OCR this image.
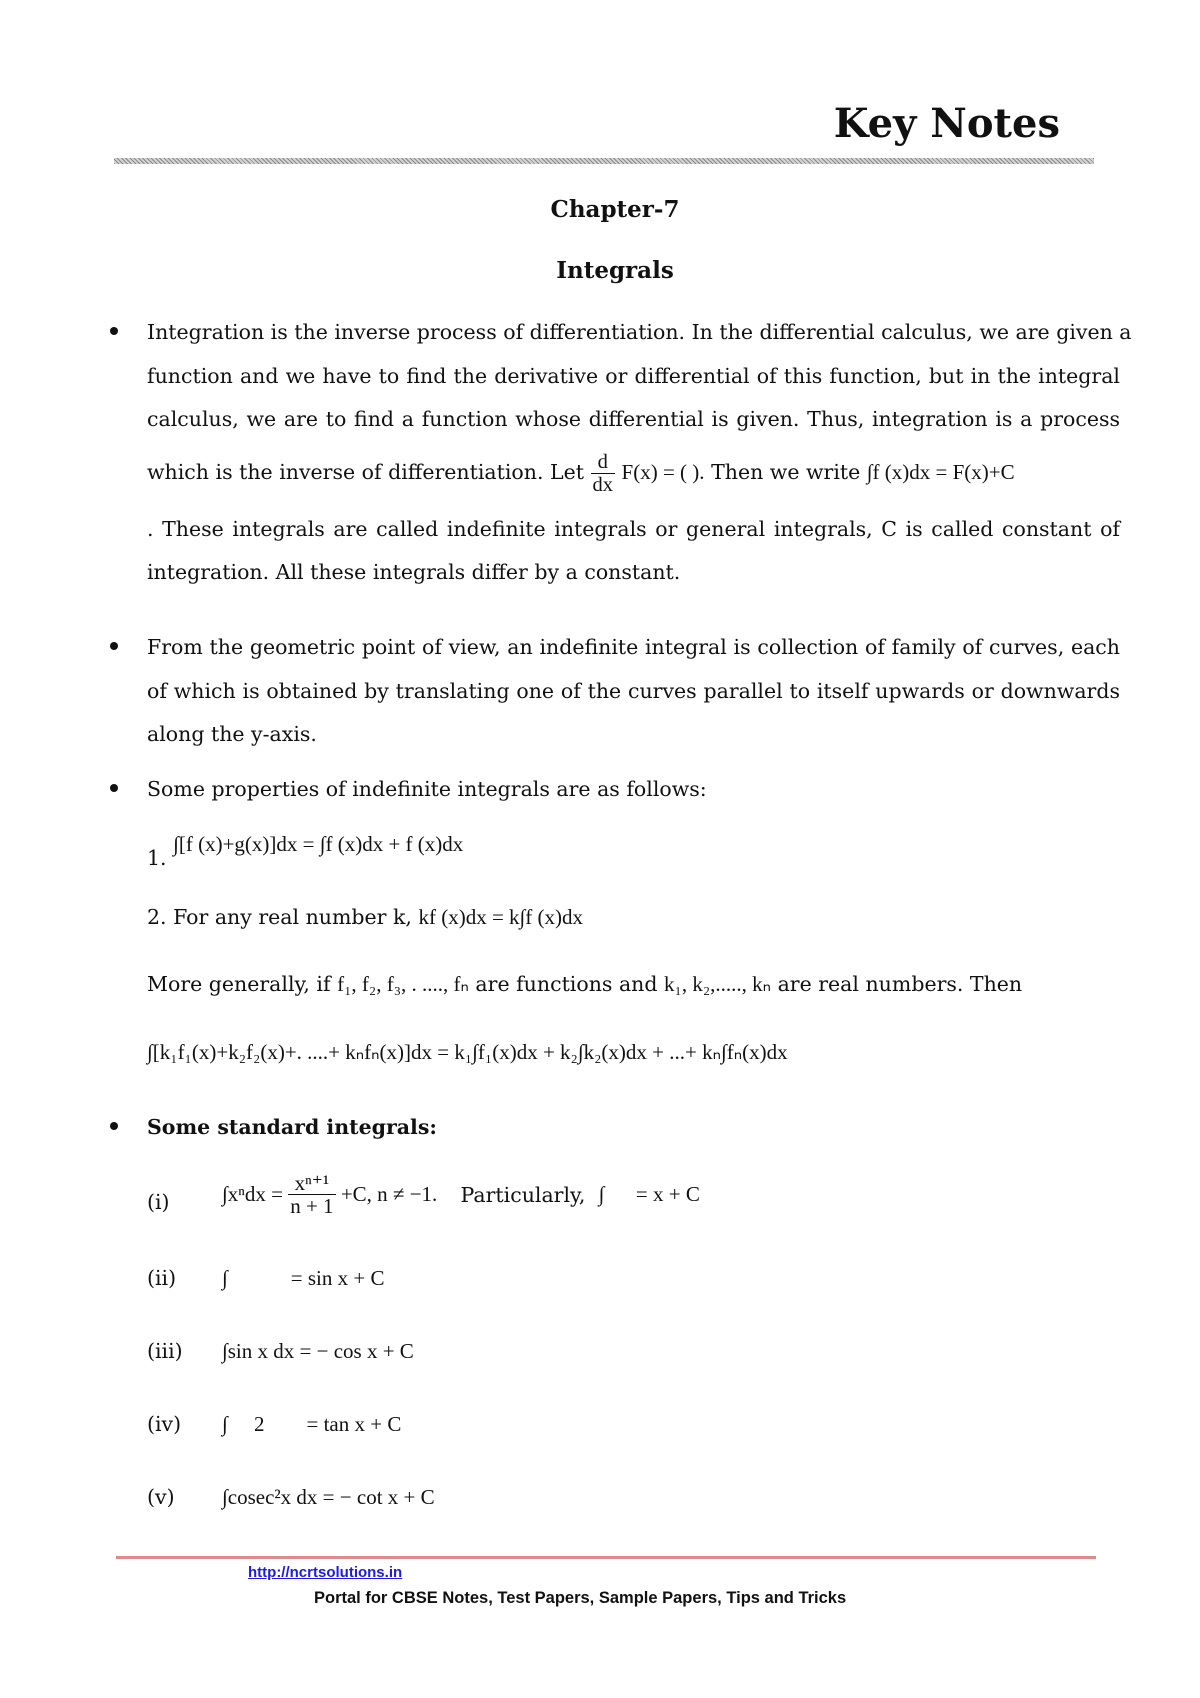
Key Notes
Chapter-7
Integrals
Integration is the inverse process of differentiation. In the differential calculus, we are given a
function and we have to find the derivative or differential of this function, but in the integral
calculus, we are to find a function whose differential is given. Thus, integration is a process
which is the inverse of differentiation. Let $\frac{d}{dx} F(x)$ = ( ). Then we write ∫f (x)dx = F(x)+C
. These integrals are called indefinite integrals or general integrals, C is called constant of
integration. All these integrals differ by a constant.
From the geometric point of view, an indefinite integral is collection of family of curves, each
of which is obtained by translating one of the curves parallel to itself upwards or downwards
along the y-axis.
Some properties of indefinite integrals are as follows:
1. ∫[f (x)+g(x)]dx = ∫f (x)dx + f (x)dx
2. For any real number k, kf (x)dx = k∫f (x)dx
More generally, if f₁, f₂, f₃, . ...., fₙ are functions and k₁, k₂,....., kₙ are real numbers. Then
∫[k₁f₁(x)+k₂f₂(x)+. ....+ kₙfₙ(x)]dx = k₁∫f₁(x)dx + k₂∫k₂(x)dx + ...+ kₙ∫fₙ(x)dx
Some standard integrals:
(i) $\int x^ndx = \frac{\text{xⁿ⁺¹}}{n + 1} +C$, n ≠ −1. Particularly, ∫      = x + C
(ii) ∫            = sin x + C
(iii) ∫sin x dx = − cos x + C
(iv) ∫     2        = tan x + C
(v) ∫cosec²x dx = − cot x + C
http://ncrtsolutions.in
Portal for CBSE Notes, Test Papers, Sample Papers, Tips and Tricks
